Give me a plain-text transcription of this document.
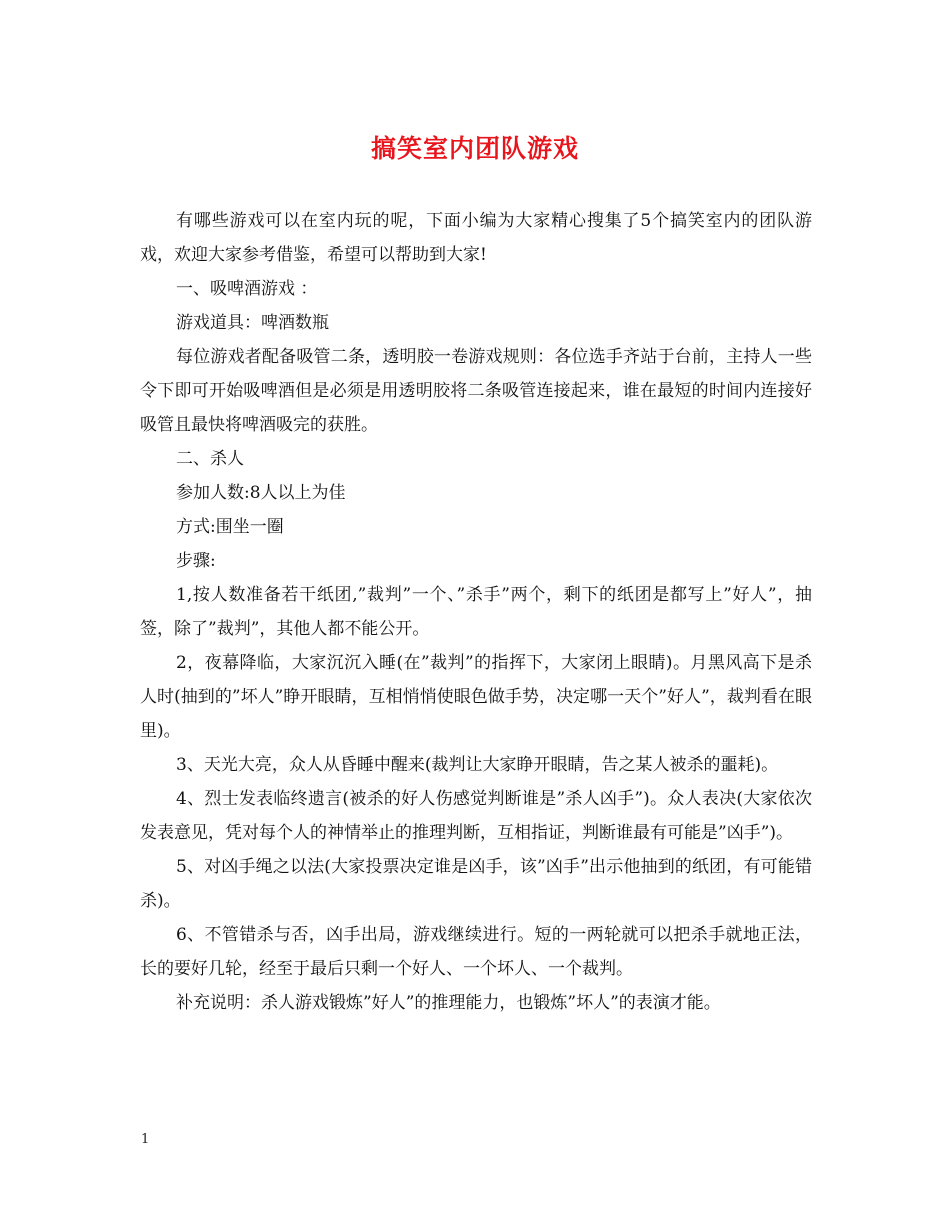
搞笑室内团队游戏

有哪些游戏可以在室内玩的呢，下面小编为大家精心搜集了5个搞笑室内的团队游戏，欢迎大家参考借鉴，希望可以帮助到大家!

一、吸啤酒游戏 ：

游戏道具：啤酒数瓶

每位游戏者配备吸管二条，透明胶一卷游戏规则：各位选手齐站于台前，主持人一些令下即可开始吸啤酒但是必须是用透明胶将二条吸管连接起来，谁在最短的时间内连接好吸管且最快将啤酒吸完的获胜。

二、杀人

参加人数:8人以上为佳

方式:围坐一圈

步骤:

1,按人数准备若干纸团,”裁判”一个、”杀手”两个，剩下的纸团是都写上”好人”，抽签，除了”裁判”，其他人都不能公开。

2，夜幕降临，大家沉沉入睡(在”裁判”的指挥下，大家闭上眼睛)。月黑风高下是杀人时(抽到的”坏人”睁开眼睛，互相悄悄使眼色做手势，决定哪一天个”好人”，裁判看在眼里)。

3、天光大亮，众人从昏睡中醒来(裁判让大家睁开眼睛，告之某人被杀的噩耗)。

4、烈士发表临终遗言(被杀的好人伤感觉判断谁是”杀人凶手”)。众人表决(大家依次发表意见，凭对每个人的神情举止的推理判断，互相指证，判断谁最有可能是”凶手”)。

5、对凶手绳之以法(大家投票决定谁是凶手，该”凶手”出示他抽到的纸团，有可能错杀)。

6、不管错杀与否，凶手出局，游戏继续进行。短的一两轮就可以把杀手就地正法，长的要好几轮，经至于最后只剩一个好人、一个坏人、一个裁判。

补充说明：杀人游戏锻炼”好人”的推理能力，也锻炼”坏人”的表演才能。

1
